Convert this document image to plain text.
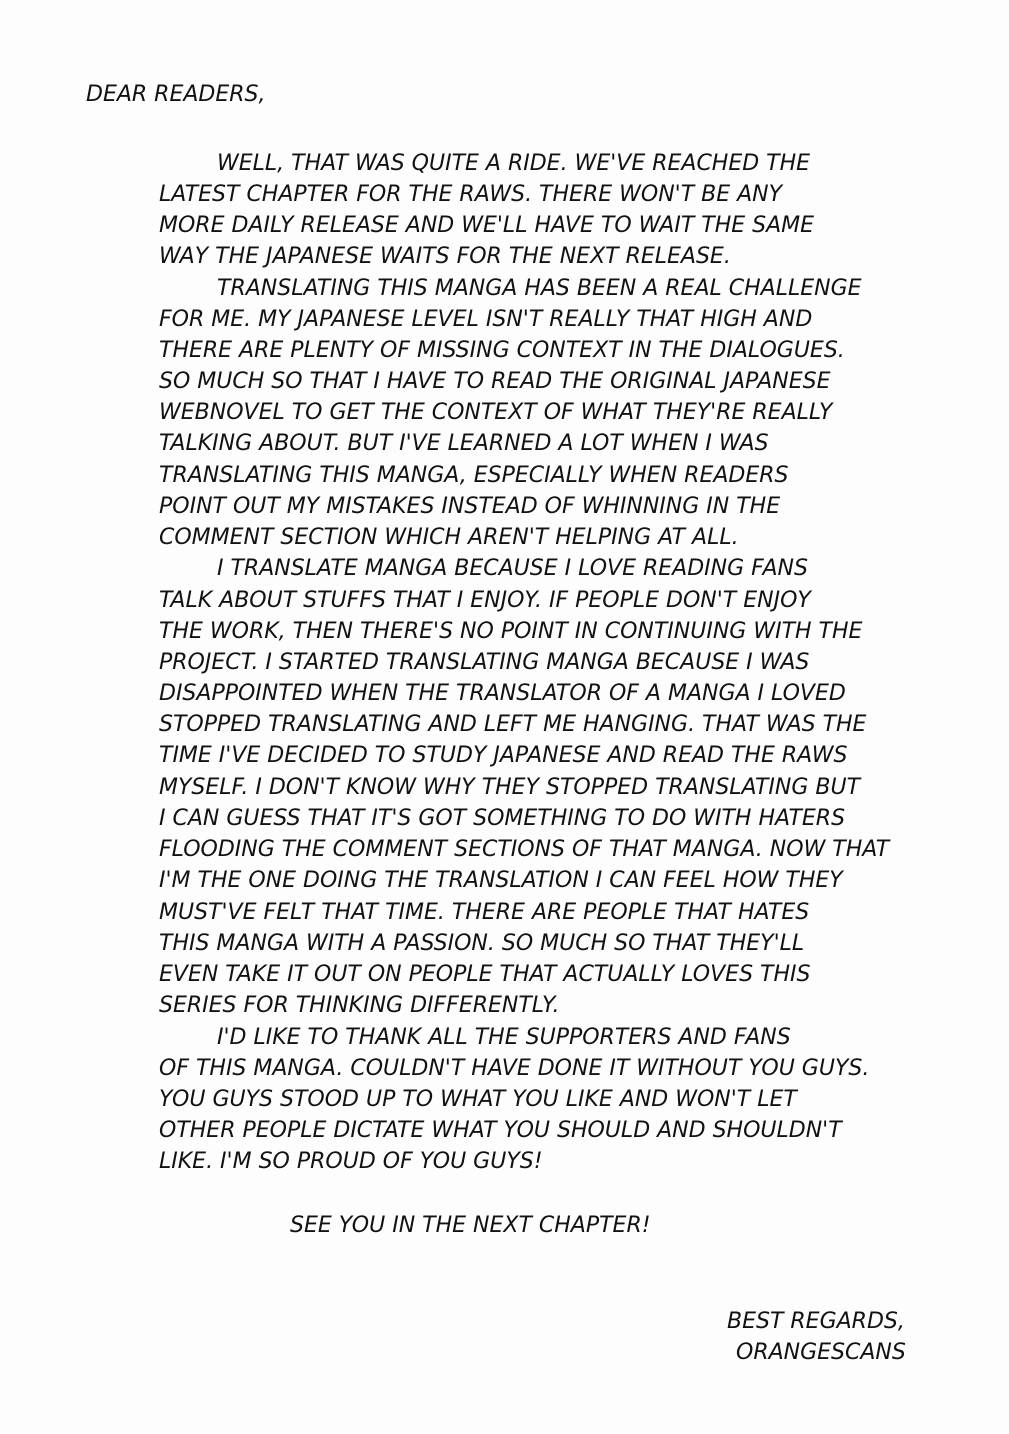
DEAR READERS,
WELL, THAT WAS QUITE A RIDE. WE'VE REACHED THE
LATEST CHAPTER FOR THE RAWS. THERE WON'T BE ANY
MORE DAILY RELEASE AND WE'LL HAVE TO WAIT THE SAME
WAY THE JAPANESE WAITS FOR THE NEXT RELEASE.
TRANSLATING THIS MANGA HAS BEEN A REAL CHALLENGE
FOR ME. MY JAPANESE LEVEL ISN'T REALLY THAT HIGH AND
THERE ARE PLENTY OF MISSING CONTEXT IN THE DIALOGUES.
SO MUCH SO THAT I HAVE TO READ THE ORIGINAL JAPANESE
WEBNOVEL TO GET THE CONTEXT OF WHAT THEY'RE REALLY
TALKING ABOUT. BUT I'VE LEARNED A LOT WHEN I WAS
TRANSLATING THIS MANGA, ESPECIALLY WHEN READERS
POINT OUT MY MISTAKES INSTEAD OF WHINNING IN THE
COMMENT SECTION WHICH AREN'T HELPING AT ALL.
I TRANSLATE MANGA BECAUSE I LOVE READING FANS
TALK ABOUT STUFFS THAT I ENJOY. IF PEOPLE DON'T ENJOY
THE WORK, THEN THERE'S NO POINT IN CONTINUING WITH THE
PROJECT. I STARTED TRANSLATING MANGA BECAUSE I WAS
DISAPPOINTED WHEN THE TRANSLATOR OF A MANGA I LOVED
STOPPED TRANSLATING AND LEFT ME HANGING. THAT WAS THE
TIME I'VE DECIDED TO STUDY JAPANESE AND READ THE RAWS
MYSELF. I DON'T KNOW WHY THEY STOPPED TRANSLATING BUT
I CAN GUESS THAT IT'S GOT SOMETHING TO DO WITH HATERS
FLOODING THE COMMENT SECTIONS OF THAT MANGA. NOW THAT
I'M THE ONE DOING THE TRANSLATION I CAN FEEL HOW THEY
MUST'VE FELT THAT TIME. THERE ARE PEOPLE THAT HATES
THIS MANGA WITH A PASSION. SO MUCH SO THAT THEY'LL
EVEN TAKE IT OUT ON PEOPLE THAT ACTUALLY LOVES THIS
SERIES FOR THINKING DIFFERENTLY.
I'D LIKE TO THANK ALL THE SUPPORTERS AND FANS
OF THIS MANGA. COULDN'T HAVE DONE IT WITHOUT YOU GUYS.
YOU GUYS STOOD UP TO WHAT YOU LIKE AND WON'T LET
OTHER PEOPLE DICTATE WHAT YOU SHOULD AND SHOULDN'T
LIKE. I'M SO PROUD OF YOU GUYS!
SEE YOU IN THE NEXT CHAPTER!
BEST REGARDS,
ORANGESCANS
